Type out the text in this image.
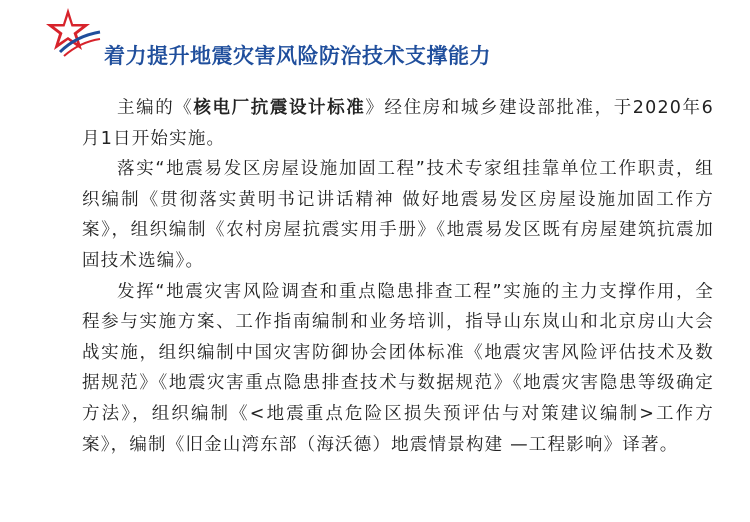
着力提升地震灾害风险防治技术支撑能力

主编的《核电厂抗震设计标准》经住房和城乡建设部批准，于2020年6月1日开始实施。

落实“地震易发区房屋设施加固工程”技术专家组挂靠单位工作职责，组织编制《贯彻落实黄明书记讲话精神 做好地震易发区房屋设施加固工作方案》，组织编制《农村房屋抗震实用手册》《地震易发区既有房屋建筑抗震加固技术选编》。

发挥“地震灾害风险调查和重点隐患排查工程”实施的主力支撑作用，全程参与实施方案、工作指南编制和业务培训，指导山东岚山和北京房山大会战实施，组织编制中国灾害防御协会团体标准《地震灾害风险评估技术及数据规范》《地震灾害重点隐患排查技术与数据规范》《地震灾害隐患等级确定方法》，组织编制《<地震重点危险区损失预评估与对策建议编制>工作方案》，编制《旧金山湾东部（海沃德）地震情景构建 —工程影响》译著。
